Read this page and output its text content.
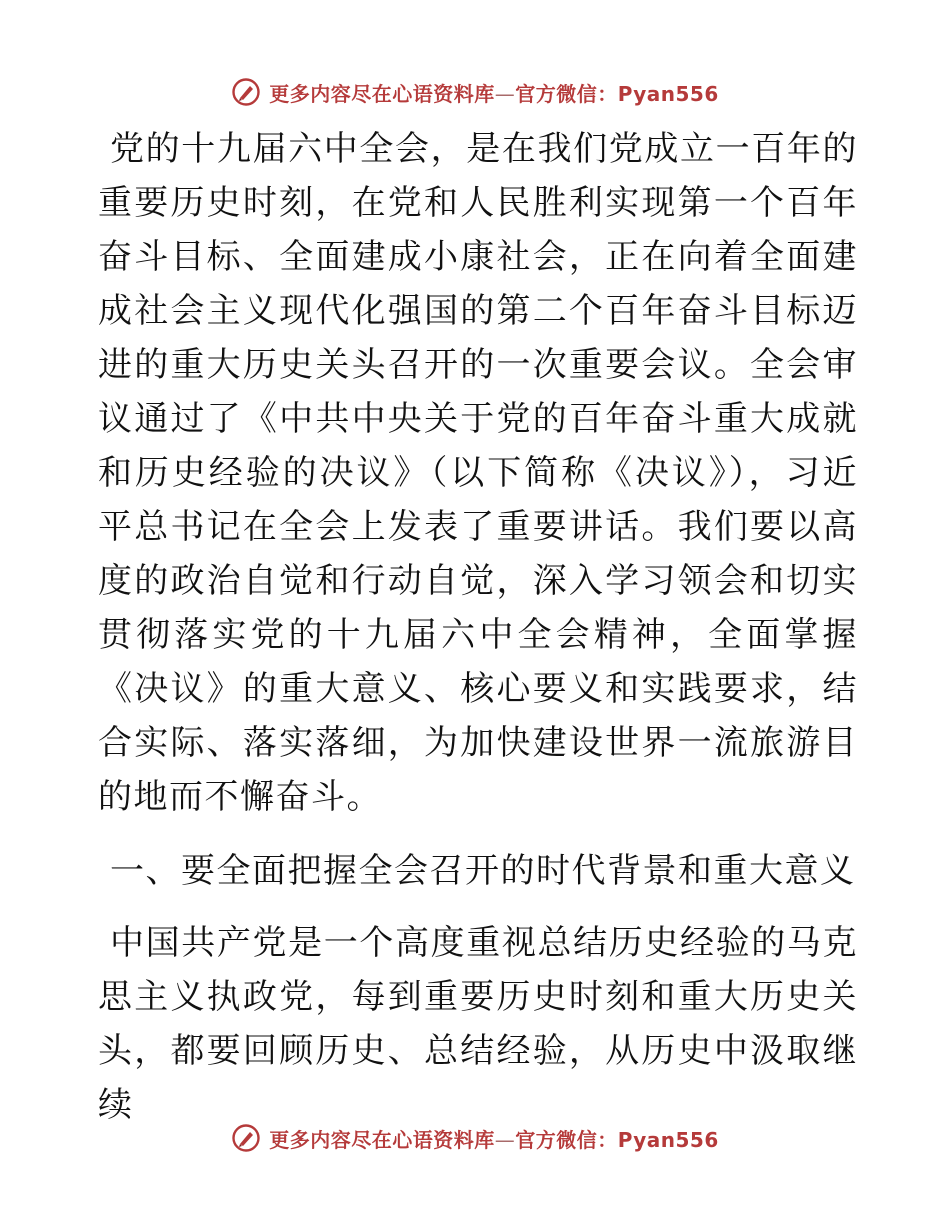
更多内容尽在心语资料库—官方微信：Pyan556

党的十九届六中全会，是在我们党成立一百年的重要历史时刻，在党和人民胜利实现第一个百年奋斗目标、全面建成小康社会，正在向着全面建成社会主义现代化强国的第二个百年奋斗目标迈进的重大历史关头召开的一次重要会议。全会审议通过了《中共中央关于党的百年奋斗重大成就和历史经验的决议》（以下简称《决议》），习近平总书记在全会上发表了重要讲话。我们要以高度的政治自觉和行动自觉，深入学习领会和切实贯彻落实党的十九届六中全会精神，全面掌握《决议》的重大意义、核心要义和实践要求，结合实际、落实落细，为加快建设世界一流旅游目的地而不懈奋斗。

一、要全面把握全会召开的时代背景和重大意义

中国共产党是一个高度重视总结历史经验的马克思主义执政党，每到重要历史时刻和重大历史关头，都要回顾历史、总结经验，从历史中汲取继续

更多内容尽在心语资料库—官方微信：Pyan556
